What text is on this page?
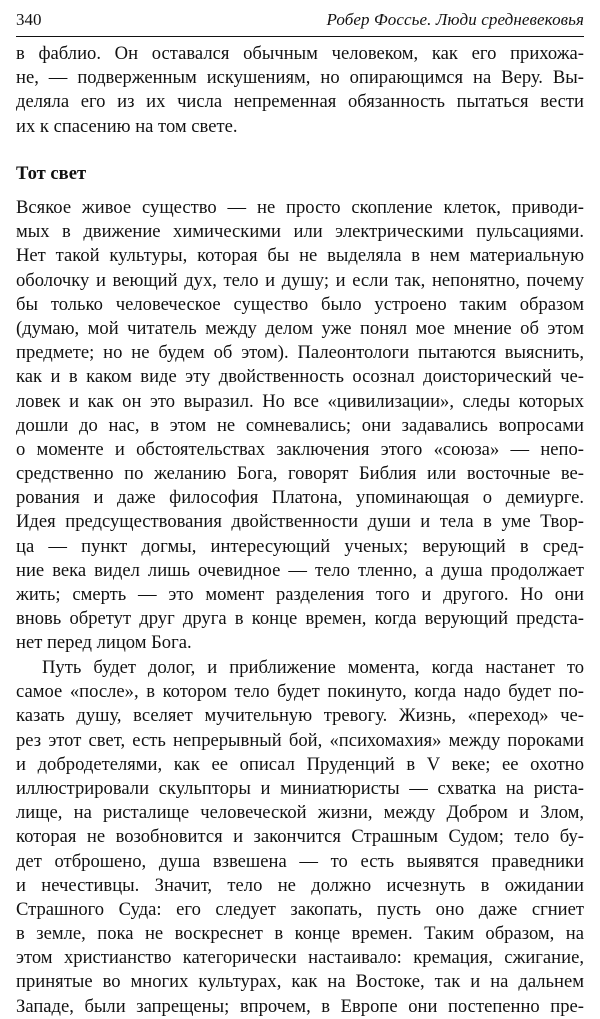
340	Робер Фоссье. Люди средневековья
в фаблио. Он оставался обычным человеком, как его прихожа-
не, — подверженным искушениям, но опирающимся на Веру. Вы-
деляла его из их числа непременная обязанность пытаться вести
их к спасению на том свете.
Тот свет
Всякое живое существо — не просто скопление клеток, приводи-
мых в движение химическими или электрическими пульсациями.
Нет такой культуры, которая бы не выделяла в нем материальную
оболочку и веющий дух, тело и душу; и если так, непонятно, почему
бы только человеческое существо было устроено таким образом
(думаю, мой читатель между делом уже понял мое мнение об этом
предмете; но не будем об этом). Палеонтологи пытаются выяснить,
как и в каком виде эту двойственность осознал доисторический че-
ловек и как он это выразил. Но все «цивилизации», следы которых
дошли до нас, в этом не сомневались; они задавались вопросами
о моменте и обстоятельствах заключения этого «союза» — непо-
средственно по желанию Бога, говорят Библия или восточные ве-
рования и даже философия Платона, упоминающая о демиурге.
Идея предсуществования двойственности души и тела в уме Твор-
ца — пункт догмы, интересующий ученых; верующий в сред-
ние века видел лишь очевидное — тело тленно, а душа продолжает
жить; смерть — это момент разделения того и другого. Но они
вновь обретут друг друга в конце времен, когда верующий предста-
нет перед лицом Бога.
Путь будет долог, и приближение момента, когда настанет то
самое «после», в котором тело будет покинуто, когда надо будет по-
казать душу, вселяет мучительную тревогу. Жизнь, «переход» че-
рез этот свет, есть непрерывный бой, «психомахия» между пороками
и добродетелями, как ее описал Пруденций в V веке; ее охотно
иллюстрировали скульпторы и миниатюристы — схватка на риста-
лище, на ристалище человеческой жизни, между Добром и Злом,
которая не возобновится и закончится Страшным Судом; тело бу-
дет отброшено, душа взвешена — то есть выявятся праведники
и нечестивцы. Значит, тело не должно исчезнуть в ожидании
Страшного Суда: его следует закопать, пусть оно даже сгниет
в земле, пока не воскреснет в конце времен. Таким образом, на
этом христианство категорически настаивало: кремация, сжигание,
принятые во многих культурах, как на Востоке, так и на дальнем
Западе, были запрещены; впрочем, в Европе они постепенно пре-
